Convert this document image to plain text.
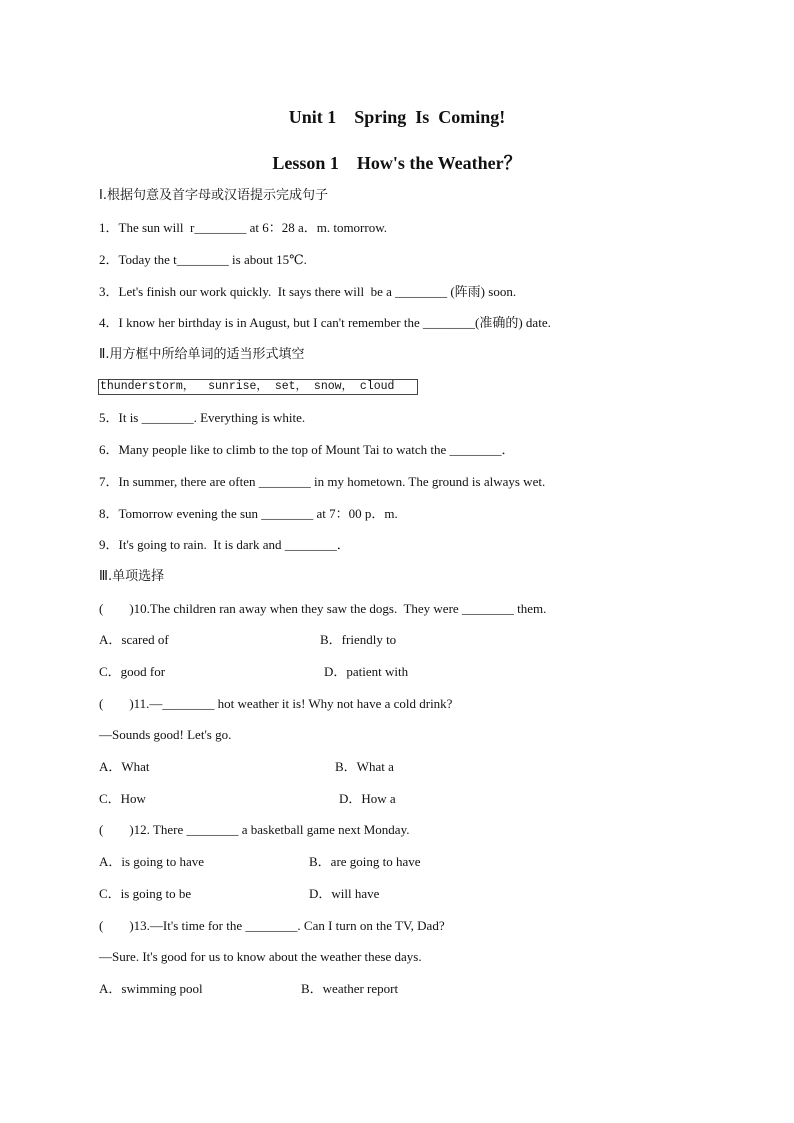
Unit 1    Spring  Is  Coming!
Lesson 1    How's the Weather？
Ⅰ.根据句意及首字母或汉语提示完成句子
1．The sun will  r________ at 6：28 a．m. tomorrow.
2．Today the t________ is about 15℃.
3．Let's finish our work quickly.  It says there will  be a ________ (阵雨) soon.
4．I know her birthday is in August, but I can't remember the ________(准确的) date.
Ⅱ.用方框中所给单词的适当形式填空
thunderstorm，  sunrise， set， snow， cloud
5．It is ________. Everything is white.
6．Many people like to climb to the top of Mount Tai to watch the ________．
7．In summer, there are often ________ in my hometown. The ground is always wet.
8．Tomorrow evening the sun ________ at 7：00 p．m.
9．It's going to rain.  It is dark and ________．
Ⅲ.单项选择
(　　)10.The children ran away when they saw the dogs.  They were ________ them.
A．scared of	B．friendly to
C．good for	D．patient with
(　　)11.—________ hot weather it is! Why not have a cold drink?
—Sounds good! Let's go.
A．What	B．What a
C．How	D．How a
(　　)12. There ________ a basketball game next Monday.
A．is going to have	B．are going to have
C．is going to be	D．will have
(　　)13.—It's time for the ________. Can I turn on the TV, Dad?
—Sure. It's good for us to know about the weather these days.
A．swimming pool	B．weather report
